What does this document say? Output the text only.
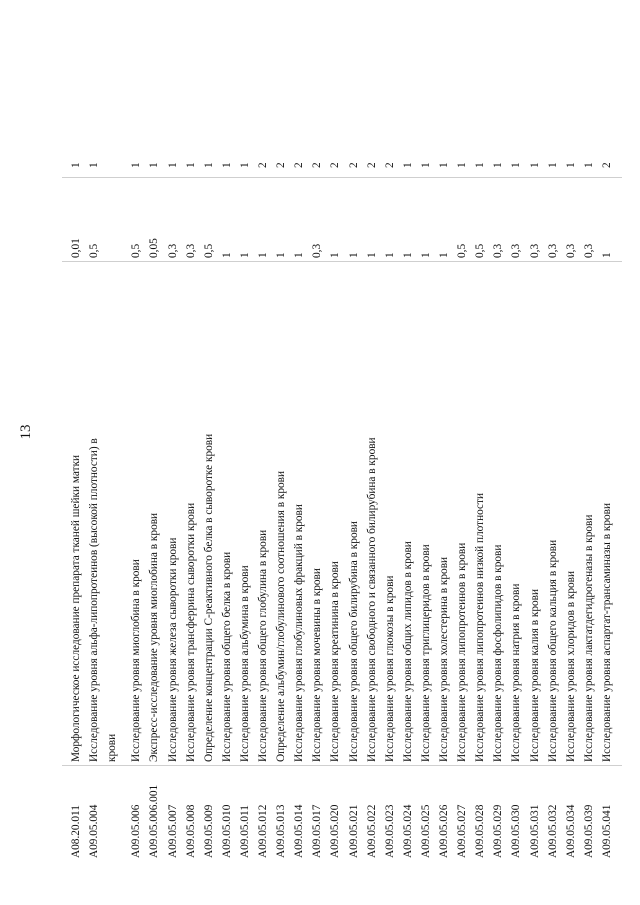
13
A08.20.011
Морфологическое исследование препарата тканей шейки матки
0,01
1
A09.05.004
Исследование уровня альфа-липопротеинов (высокой плотности) в
0,5
1
крови
A09.05.006
Исследование уровня миоглобина в крови
0,5
1
A09.05.006.001
Экспресс-исследование уровня миоглобина в крови
0,05
1
A09.05.007
Исследование уровня железа сыворотки крови
0,3
1
A09.05.008
Исследование уровня трансферрина сыворотки крови
0,3
1
A09.05.009
Определение концентрации С-реактивного белка в сыворотке крови
0,5
1
A09.05.010
Исследование уровня общего белка в крови
1
1
A09.05.011
Исследование уровня альбумина в крови
1
1
A09.05.012
Исследование уровня общего глобулина в крови
1
2
A09.05.013
Определение альбумин/глобулинового соотношения в крови
1
2
A09.05.014
Исследование уровня глобулиновых фракций в крови
1
2
A09.05.017
Исследование уровня мочевины в крови
0,3
2
A09.05.020
Исследование уровня креатинина в крови
1
2
A09.05.021
Исследование уровня общего билирубина в крови
1
2
A09.05.022
Исследование уровня свободного и связанного билирубина в крови
1
2
A09.05.023
Исследование уровня глюкозы в крови
1
2
A09.05.024
Исследование уровня общих липидов в крови
1
1
A09.05.025
Исследование уровня триглицеридов в крови
1
1
A09.05.026
Исследование уровня холестерина в крови
1
1
A09.05.027
Исследование уровня липопротеинов в крови
0,5
1
A09.05.028
Исследование уровня липопротеинов низкой плотности
0,5
1
A09.05.029
Исследование уровня фосфолипидов в крови
0,3
1
A09.05.030
Исследование уровня натрия в крови
0,3
1
A09.05.031
Исследование уровня калия в крови
0,3
1
A09.05.032
Исследование уровня общего кальция в крови
0,3
1
A09.05.034
Исследование уровня хлоридов в крови
0,3
1
A09.05.039
Исследование уровня лактатдегидрогеназы в крови
0,3
1
A09.05.041
Исследование уровня аспартат-трансаминазы в крови
1
2
